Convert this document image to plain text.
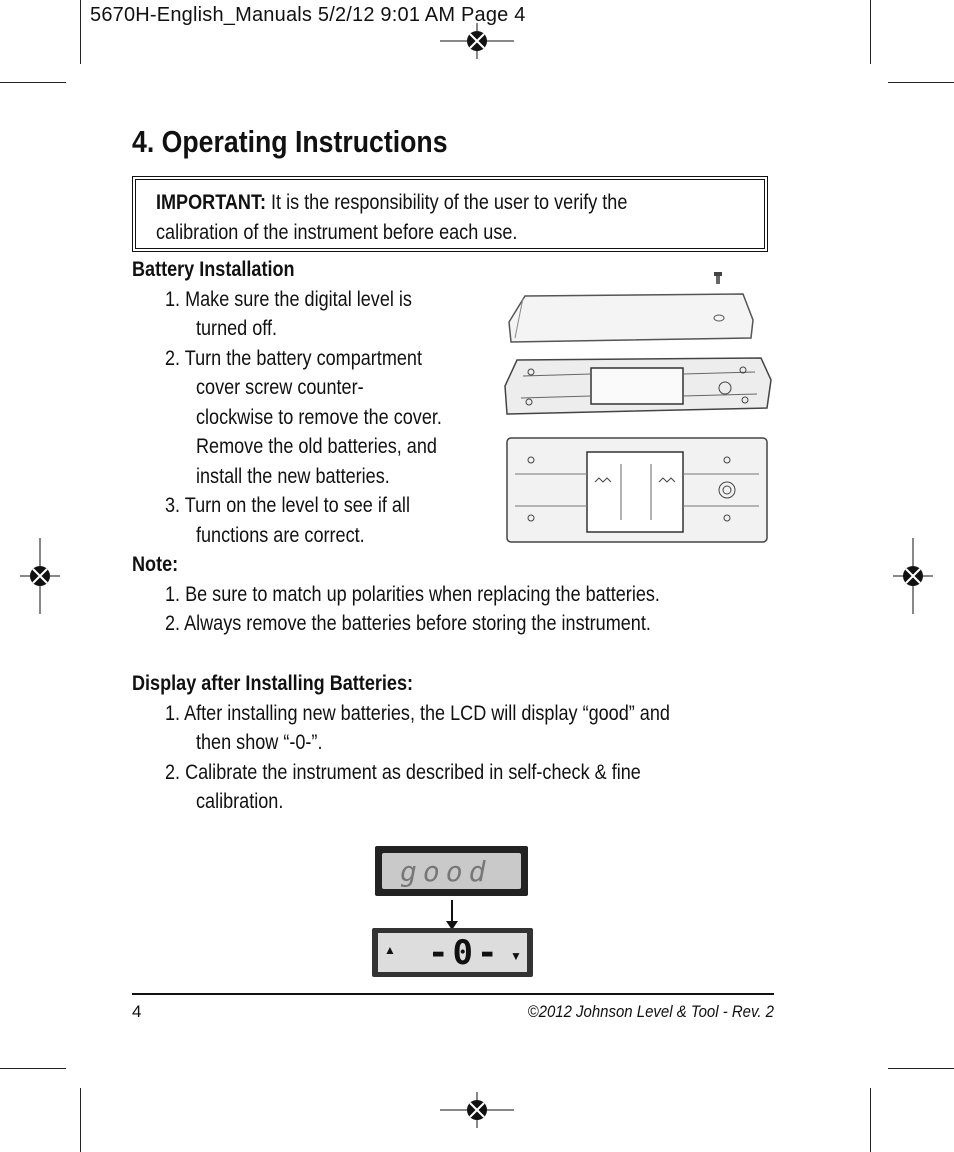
5670H-English_Manuals 5/2/12 9:01 AM Page 4
4. Operating Instructions
IMPORTANT: It is the responsibility of the user to verify the
calibration of the instrument before each use.
Battery Installation
1. Make sure the digital level is
turned off.
2. Turn the battery compartment
cover screw counter-
clockwise to remove the cover.
Remove the old batteries, and
install the new batteries.
3. Turn on the level to see if all
functions are correct.
Note:
1. Be sure to match up polarities when replacing the batteries.
2. Always remove the batteries before storing the instrument.
Display after Installing Batteries:
1. After installing new batteries, the LCD will display “good” and
then show “-0-”.
2. Calibrate the instrument as described in self-check & fine
calibration.
good
▲ -0- ▼
4	©2012 Johnson Level & Tool - Rev. 2
